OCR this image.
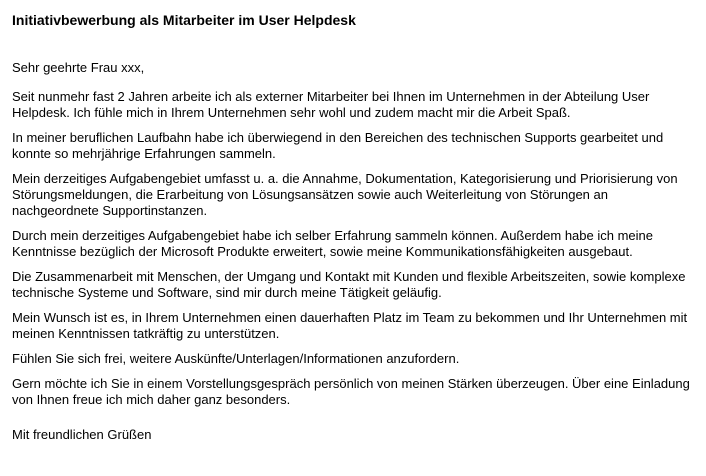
Initiativbewerbung als Mitarbeiter im User Helpdesk
Sehr geehrte Frau xxx,

Seit nunmehr fast 2 Jahren arbeite ich als externer Mitarbeiter bei Ihnen im Unternehmen in der Abteilung User Helpdesk. Ich fühle mich in Ihrem Unternehmen sehr wohl und zudem macht mir die Arbeit Spaß.

In meiner beruflichen Laufbahn habe ich überwiegend in den Bereichen des technischen Supports gearbeitet und konnte so mehrjährige Erfahrungen sammeln.

Mein derzeitiges Aufgabengebiet umfasst u. a. die Annahme, Dokumentation, Kategorisierung und Priorisierung von Störungsmeldungen, die Erarbeitung von Lösungsansätzen sowie auch Weiterleitung von Störungen an nachgeordnete Supportinstanzen.

Durch mein derzeitiges Aufgabengebiet habe ich selber Erfahrung sammeln können. Außerdem habe ich meine Kenntnisse bezüglich der Microsoft Produkte erweitert, sowie meine Kommunikationsfähigkeiten ausgebaut.

Die Zusammenarbeit mit Menschen, der Umgang und Kontakt mit Kunden und flexible Arbeitszeiten, sowie komplexe technische Systeme und Software, sind mir durch meine Tätigkeit geläufig.

Mein Wunsch ist es, in Ihrem Unternehmen einen dauerhaften Platz im Team zu bekommen und Ihr Unternehmen mit meinen Kenntnissen tatkräftig zu unterstützen.

Fühlen Sie sich frei, weitere Auskünfte/Unterlagen/Informationen anzufordern.

Gern möchte ich Sie in einem Vorstellungsgespräch persönlich von meinen Stärken überzeugen. Über eine Einladung von Ihnen freue ich mich daher ganz besonders.

Mit freundlichen Grüßen
